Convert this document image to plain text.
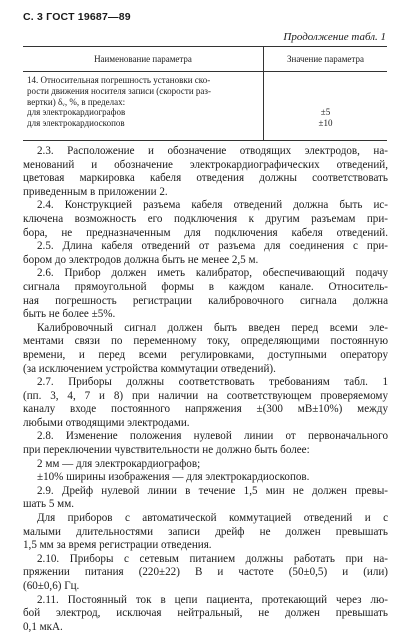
С. 3 ГОСТ 19687—89
Продолжение табл. 1
Наименование параметра	Значение параметра
14. Относительная погрешность установки ско-
рости движения носителя записи (скорости раз-
вертки) δᵥ, %, в пределах:
для электрокардиографов
для электрокардиоскопов
±5
±10
2.3. Расположение и обозначение отводящих электродов, на-
менований и обозначение электрокардиографических отведений,
цветовая маркировка кабеля отведения должны соответствовать
приведенным в приложении 2.
2.4. Конструкцией разъема кабеля отведений должна быть ис-
ключена возможность его подключения к другим разъемам при-
бора, не предназначенным для подключения кабеля отведений.
2.5. Длина кабеля отведений от разъема для соединения с при-
бором до электродов должна быть не менее 2,5 м.
2.6. Прибор должен иметь калибратор, обеспечивающий подачу
сигнала прямоугольной формы в каждом канале. Относитель-
ная погрешность регистрации калибровочного сигнала должна
быть не более ±5%.
Калибровочный сигнал должен быть введен перед всеми эле-
ментами связи по переменному току, определяющими постоянную
времени, и перед всеми регулировками, доступными оператору
(за исключением устройства коммутации отведений).
2.7. Приборы должны соответствовать требованиям табл. 1
(пп. 3, 4, 7 и 8) при наличии на соответствующем проверяемому
каналу входе постоянного напряжения ±(300 мВ±10%) между
любыми отводящими электродами.
2.8. Изменение положения нулевой линии от первоначального
при переключении чувствительности не должно быть более:
2 мм — для электрокардиографов;
±10% ширины изображения — для электрокардиоскопов.
2.9. Дрейф нулевой линии в течение 1,5 мин не должен превы-
шать 5 мм.
Для приборов с автоматической коммутацией отведений и с
малыми длительностями записи дрейф не должен превышать
1,5 мм за время регистрации отведения.
2.10. Приборы с сетевым питанием должны работать при на-
пряжении питания (220±22) В и частоте (50±0,5) и (или)
(60±0,6) Гц.
2.11. Постоянный ток в цепи пациента, протекающий через лю-
бой электрод, исключая нейтральный, не должен превышать
0,1 мкА.
